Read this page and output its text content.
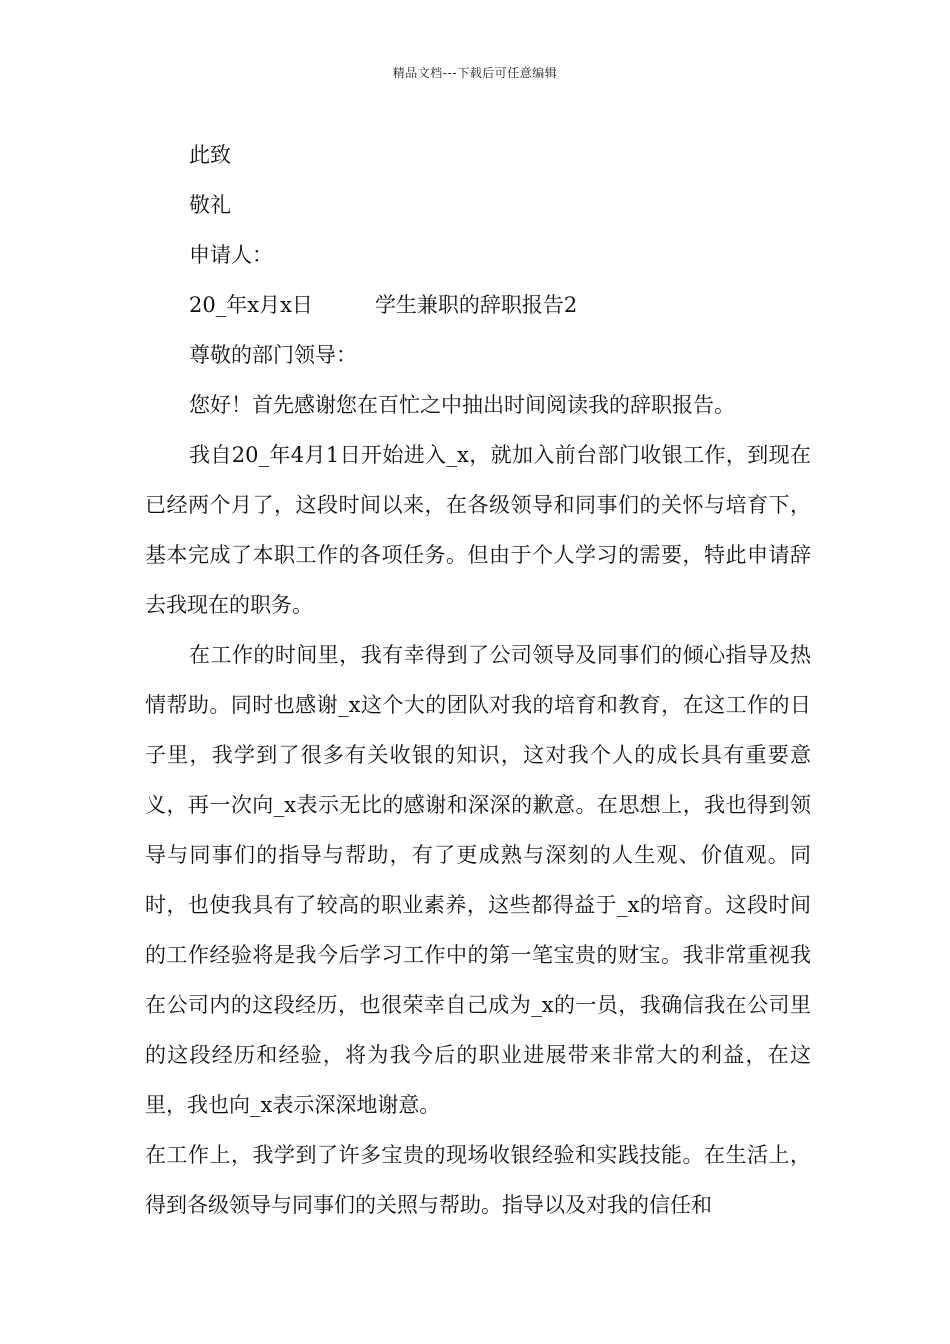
精品文档---下载后可任意编辑
此致
敬礼
申请人：
20_年x月x日	学生兼职的辞职报告2
尊敬的部门领导：
您好！首先感谢您在百忙之中抽出时间阅读我的辞职报告。

我自20_年4月1日开始进入_x，就加入前台部门收银工作，到现在已经两个月了，这段时间以来，在各级领导和同事们的关怀与培育下，基本完成了本职工作的各项任务。但由于个人学习的需要，特此申请辞去我现在的职务。

在工作的时间里，我有幸得到了公司领导及同事们的倾心指导及热情帮助。同时也感谢_x这个大的团队对我的培育和教育，在这工作的日子里，我学到了很多有关收银的知识，这对我个人的成长具有重要意义，再一次向_x表示无比的感谢和深深的歉意。在思想上，我也得到领导与同事们的指导与帮助，有了更成熟与深刻的人生观、价值观。同时，也使我具有了较高的职业素养，这些都得益于_x的培育。这段时间的工作经验将是我今后学习工作中的第一笔宝贵的财宝。我非常重视我在公司内的这段经历，也很荣幸自己成为_x的一员，我确信我在公司里的这段经历和经验，将为我今后的职业进展带来非常大的利益，在这里，我也向_x表示深深地谢意。

在工作上，我学到了许多宝贵的现场收银经验和实践技能。在生活上，得到各级领导与同事们的关照与帮助。指导以及对我的信任和
